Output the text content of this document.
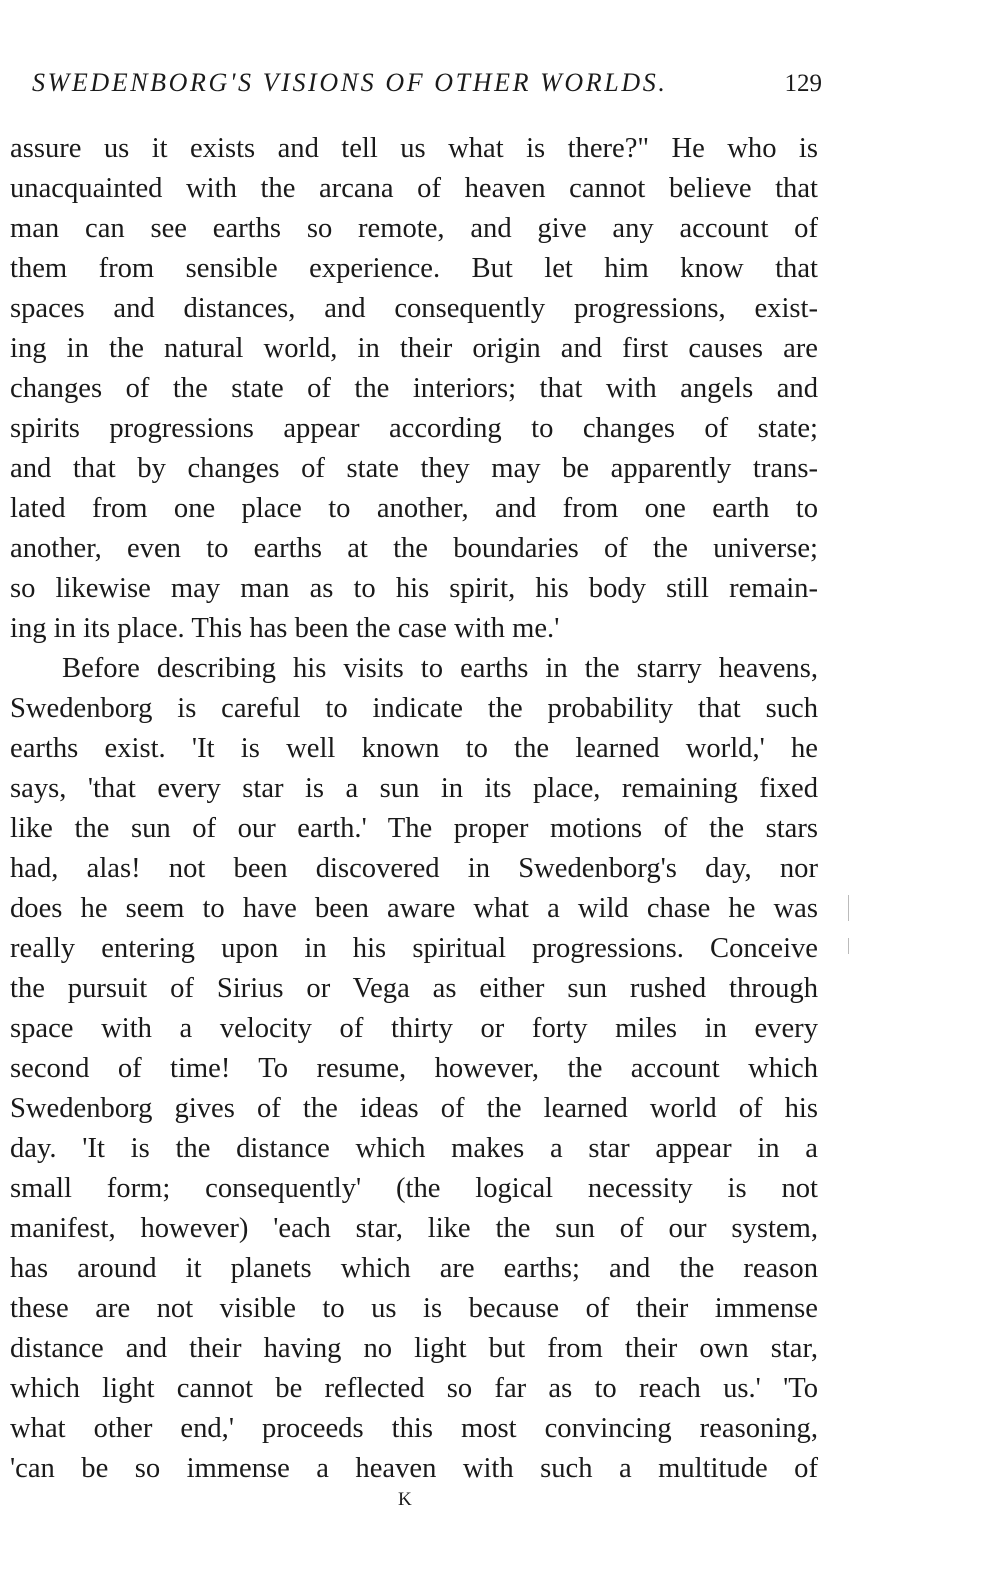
SWEDENBORG'S VISIONS OF OTHER WORLDS.	129
assure us it exists and tell us what is there?" He who is
unacquainted with the arcana of heaven cannot believe that
man can see earths so remote, and give any account of
them from sensible experience. But let him know that
spaces and distances, and consequently progressions, exist-
ing in the natural world, in their origin and first causes are
changes of the state of the interiors; that with angels and
spirits progressions appear according to changes of state;
and that by changes of state they may be apparently trans-
lated from one place to another, and from one earth to
another, even to earths at the boundaries of the universe;
so likewise may man as to his spirit, his body still remain-
ing in its place. This has been the case with me.'
Before describing his visits to earths in the starry heavens,
Swedenborg is careful to indicate the probability that such
earths exist. 'It is well known to the learned world,' he
says, 'that every star is a sun in its place, remaining fixed
like the sun of our earth.' The proper motions of the stars
had, alas! not been discovered in Swedenborg's day, nor
does he seem to have been aware what a wild chase he was
really entering upon in his spiritual progressions. Conceive
the pursuit of Sirius or Vega as either sun rushed through
space with a velocity of thirty or forty miles in every
second of time! To resume, however, the account which
Swedenborg gives of the ideas of the learned world of his
day. 'It is the distance which makes a star appear in a
small form; consequently' (the logical necessity is not
manifest, however) 'each star, like the sun of our system,
has around it planets which are earths; and the reason
these are not visible to us is because of their immense
distance and their having no light but from their own star,
which light cannot be reflected so far as to reach us.' 'To
what other end,' proceeds this most convincing reasoning,
'can be so immense a heaven with such a multitude of
K
